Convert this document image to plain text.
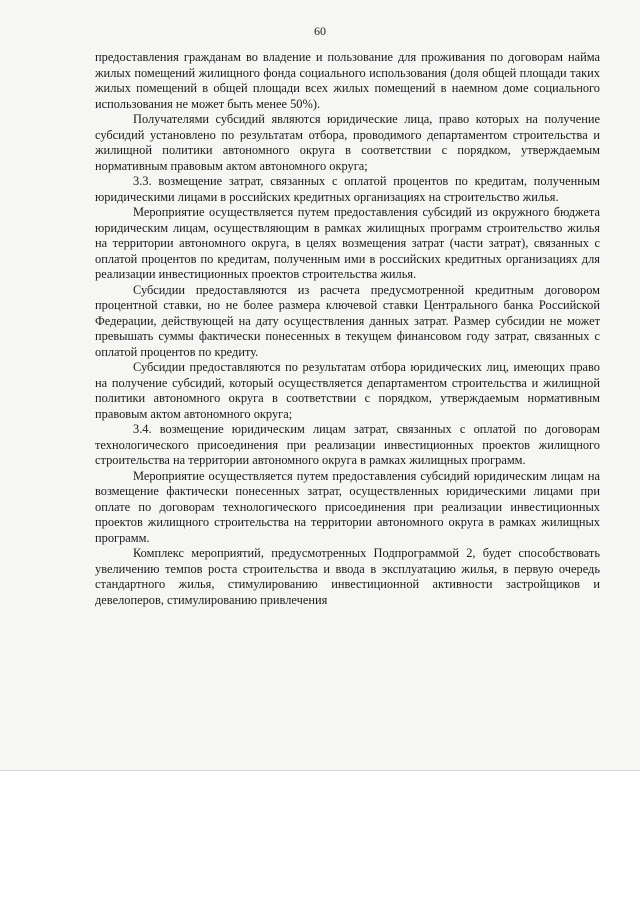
60

предоставления гражданам во владение и пользование для проживания по договорам найма жилых помещений жилищного фонда социального использования (доля общей площади таких жилых помещений в общей площади всех жилых помещений в наемном доме социального использования не может быть менее 50%).

Получателями субсидий являются юридические лица, право которых на получение субсидий установлено по результатам отбора, проводимого департаментом строительства и жилищной политики автономного округа в соответствии с порядком, утверждаемым нормативным правовым актом автономного округа;

3.3. возмещение затрат, связанных с оплатой процентов по кредитам, полученным юридическими лицами в российских кредитных организациях на строительство жилья.

Мероприятие осуществляется путем предоставления субсидий из окружного бюджета юридическим лицам, осуществляющим в рамках жилищных программ строительство жилья на территории автономного округа, в целях возмещения затрат (части затрат), связанных с оплатой процентов по кредитам, полученным ими в российских кредитных организациях для реализации инвестиционных проектов строительства жилья.

Субсидии предоставляются из расчета предусмотренной кредитным договором процентной ставки, но не более размера ключевой ставки Центрального банка Российской Федерации, действующей на дату осуществления данных затрат. Размер субсидии не может превышать суммы фактически понесенных в текущем финансовом году затрат, связанных с оплатой процентов по кредиту.

Субсидии предоставляются по результатам отбора юридических лиц, имеющих право на получение субсидий, который осуществляется департаментом строительства и жилищной политики автономного округа в соответствии с порядком, утверждаемым нормативным правовым актом автономного округа;

3.4. возмещение юридическим лицам затрат, связанных с оплатой по договорам технологического присоединения при реализации инвестиционных проектов жилищного строительства на территории автономного округа в рамках жилищных программ.

Мероприятие осуществляется путем предоставления субсидий юридическим лицам на возмещение фактически понесенных затрат, осуществленных юридическими лицами при оплате по договорам технологического присоединения при реализации инвестиционных проектов жилищного строительства на территории автономного округа в рамках жилищных программ.

Комплекс мероприятий, предусмотренных Подпрограммой 2, будет способствовать увеличению темпов роста строительства и ввода в эксплуатацию жилья, в первую очередь стандартного жилья, стимулированию инвестиционной активности застройщиков и девелоперов, стимулированию привлечения
